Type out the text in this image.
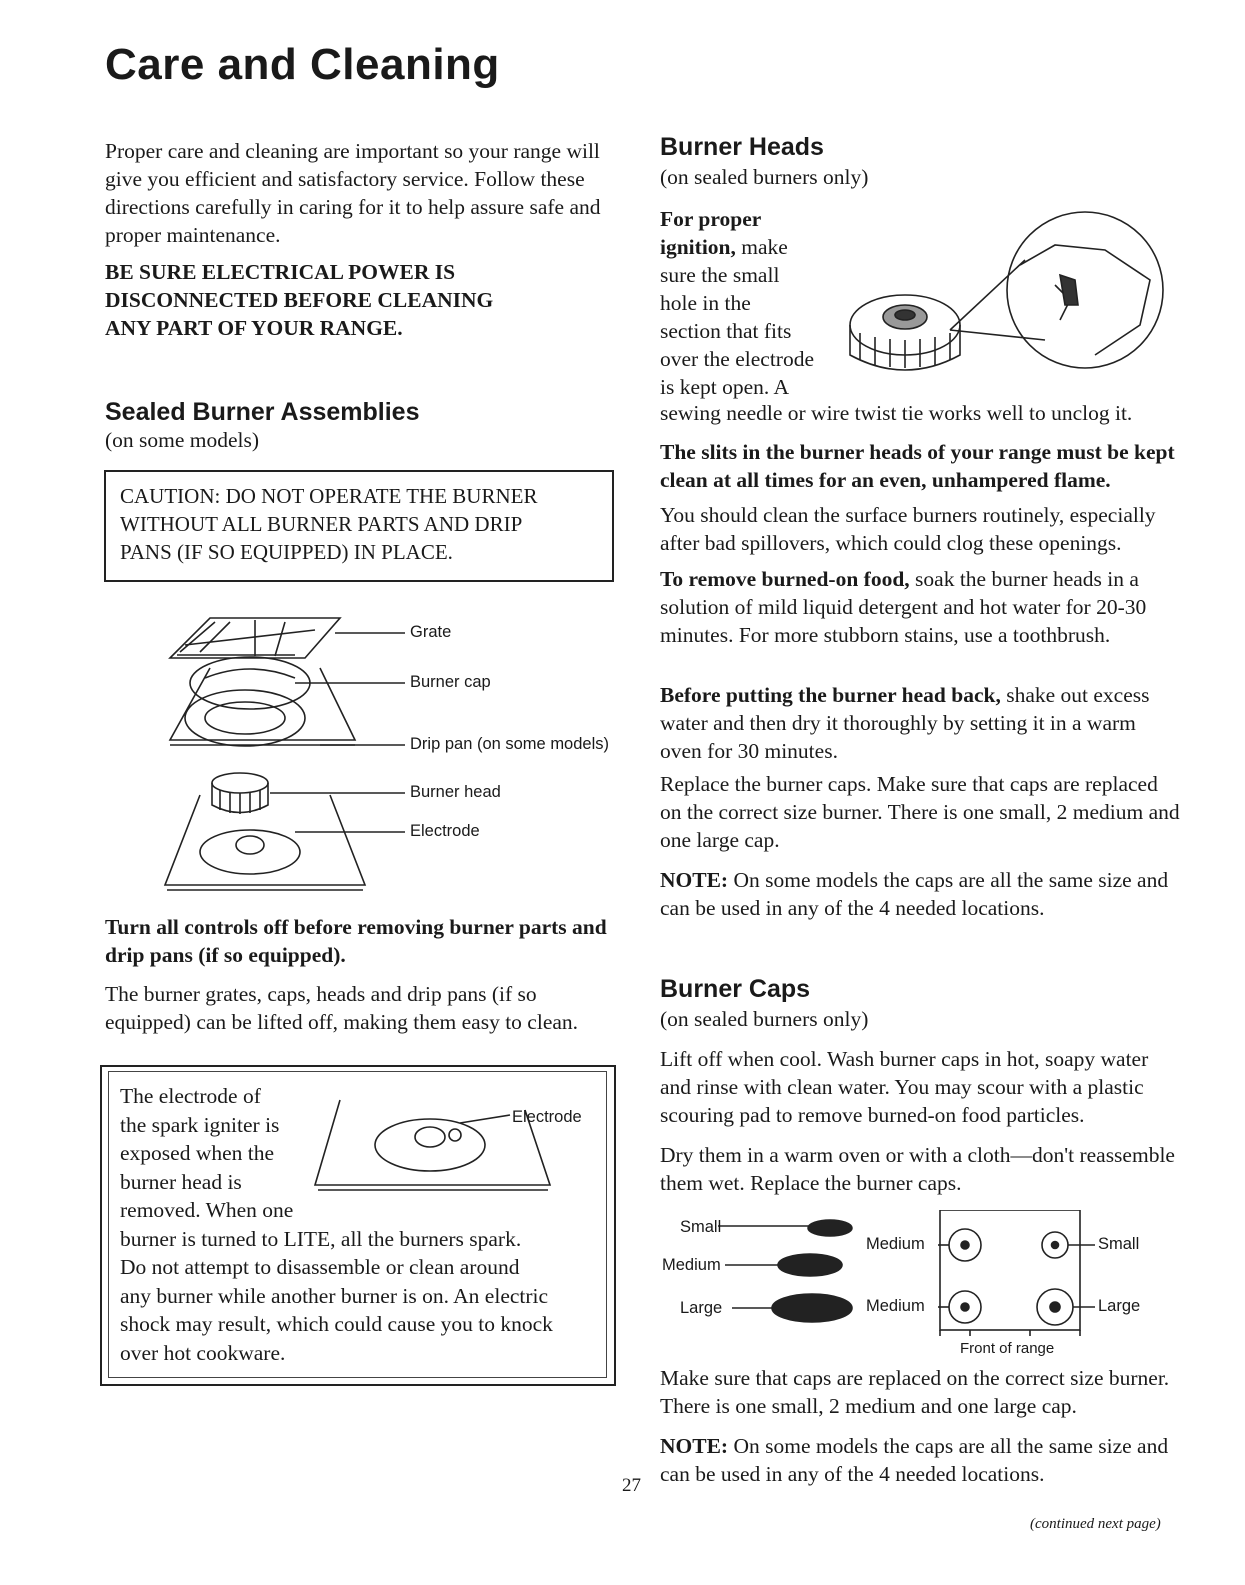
Care and Cleaning
Proper care and cleaning are important so your range will give you efficient and satisfactory service. Follow these directions carefully in caring for it to help assure safe and proper maintenance.
BE SURE ELECTRICAL POWER IS
DISCONNECTED BEFORE CLEANING
ANY PART OF YOUR RANGE.
Sealed Burner Assemblies
(on some models)
CAUTION: DO NOT OPERATE THE BURNER
WITHOUT ALL BURNER PARTS AND DRIP
PANS (IF SO EQUIPPED) IN PLACE.
Grate
Burner cap
Drip pan (on some models)
Burner head
Electrode
Turn all controls off before removing burner parts and drip pans (if so equipped).
The burner grates, caps, heads and drip pans (if so equipped) can be lifted off, making them easy to clean.
The electrode of
the spark igniter is
exposed when the
burner head is
removed. When one
burner is turned to LITE, all the burners spark.
Do not attempt to disassemble or clean around
any burner while another burner is on. An electric
shock may result, which could cause you to knock
over hot cookware.
Electrode
Burner Heads
(on sealed burners only)
For proper
ignition, make
sure the small
hole in the
section that fits
over the electrode
is kept open. A
sewing needle or wire twist tie works well to unclog it.
The slits in the burner heads of your range must be kept clean at all times for an even, unhampered flame.
You should clean the surface burners routinely, especially after bad spillovers, which could clog these openings.
To remove burned-on food, soak the burner heads in a solution of mild liquid detergent and hot water for 20-30 minutes. For more stubborn stains, use a toothbrush.
Before putting the burner head back, shake out excess water and then dry it thoroughly by setting it in a warm oven for 30 minutes.
Replace the burner caps. Make sure that caps are replaced on the correct size burner. There is one small, 2 medium and one large cap.
NOTE: On some models the caps are all the same size and can be used in any of the 4 needed locations.
Burner Caps
(on sealed burners only)
Lift off when cool. Wash burner caps in hot, soapy water and rinse with clean water. You may scour with a plastic scouring pad to remove burned-on food particles.
Dry them in a warm oven or with a cloth—don't reassemble them wet. Replace the burner caps.
Small
Medium
Large
Medium	Small
Medium	Large
Front of range
Make sure that caps are replaced on the correct size burner. There is one small, 2 medium and one large cap.
NOTE: On some models the caps are all the same size and can be used in any of the 4 needed locations.
27
(continued next page)
